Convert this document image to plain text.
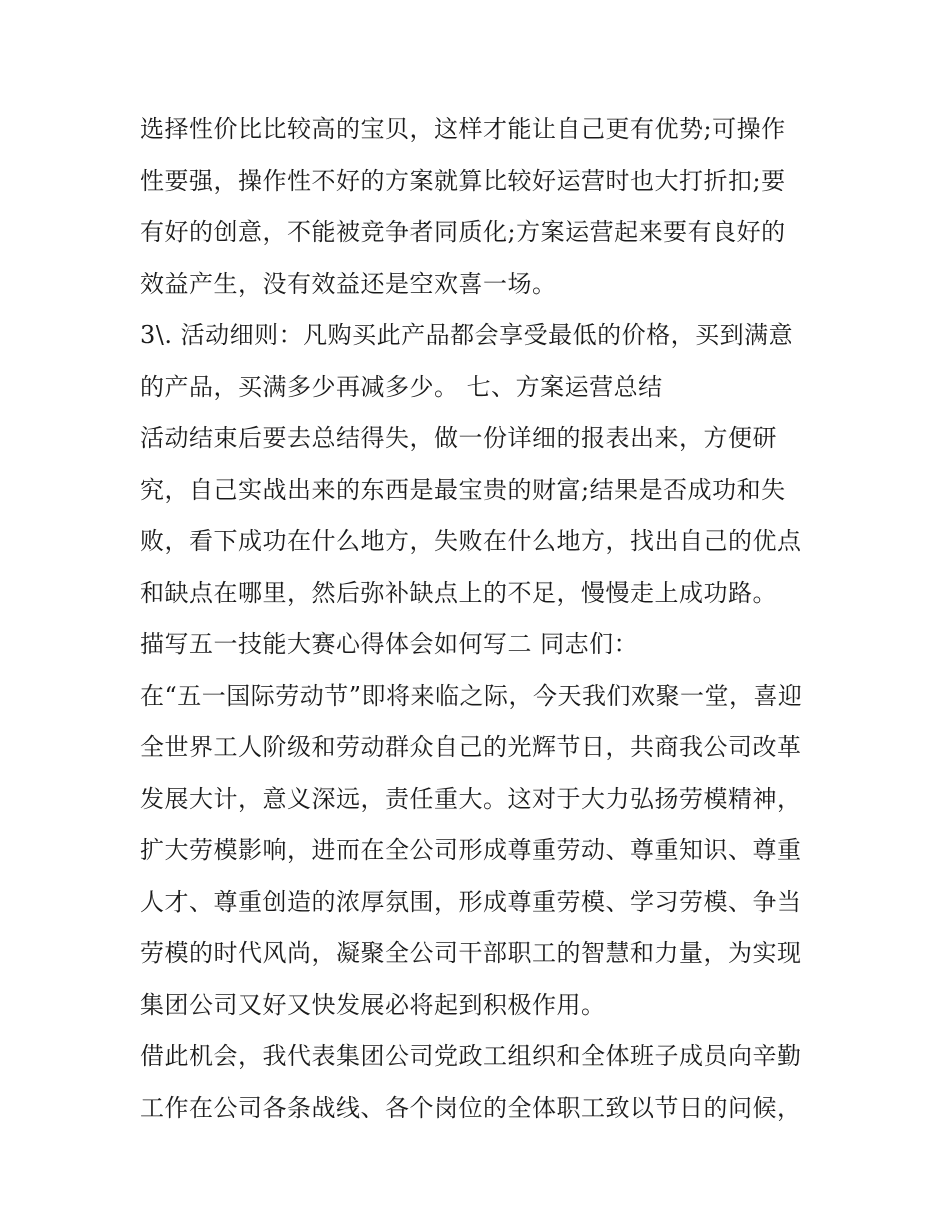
选择性价比比较高的宝贝，这样才能让自己更有优势;可操作
性要强，操作性不好的方案就算比较好运营时也大打折扣;要
有好的创意，不能被竞争者同质化;方案运营起来要有良好的
效益产生，没有效益还是空欢喜一场。
3\. 活动细则：凡购买此产品都会享受最低的价格，买到满意
的产品，买满多少再减多少。 七、方案运营总结
活动结束后要去总结得失，做一份详细的报表出来，方便研
究，自己实战出来的东西是最宝贵的财富;结果是否成功和失
败，看下成功在什么地方，失败在什么地方，找出自己的优点
和缺点在哪里，然后弥补缺点上的不足，慢慢走上成功路。
描写五一技能大赛心得体会如何写二 同志们：
在“五一国际劳动节”即将来临之际，今天我们欢聚一堂，喜迎
全世界工人阶级和劳动群众自己的光辉节日，共商我公司改革
发展大计，意义深远，责任重大。这对于大力弘扬劳模精神，
扩大劳模影响，进而在全公司形成尊重劳动、尊重知识、尊重
人才、尊重创造的浓厚氛围，形成尊重劳模、学习劳模、争当
劳模的时代风尚，凝聚全公司干部职工的智慧和力量，为实现
集团公司又好又快发展必将起到积极作用。
借此机会，我代表集团公司党政工组织和全体班子成员向辛勤
工作在公司各条战线、各个岗位的全体职工致以节日的问候，
